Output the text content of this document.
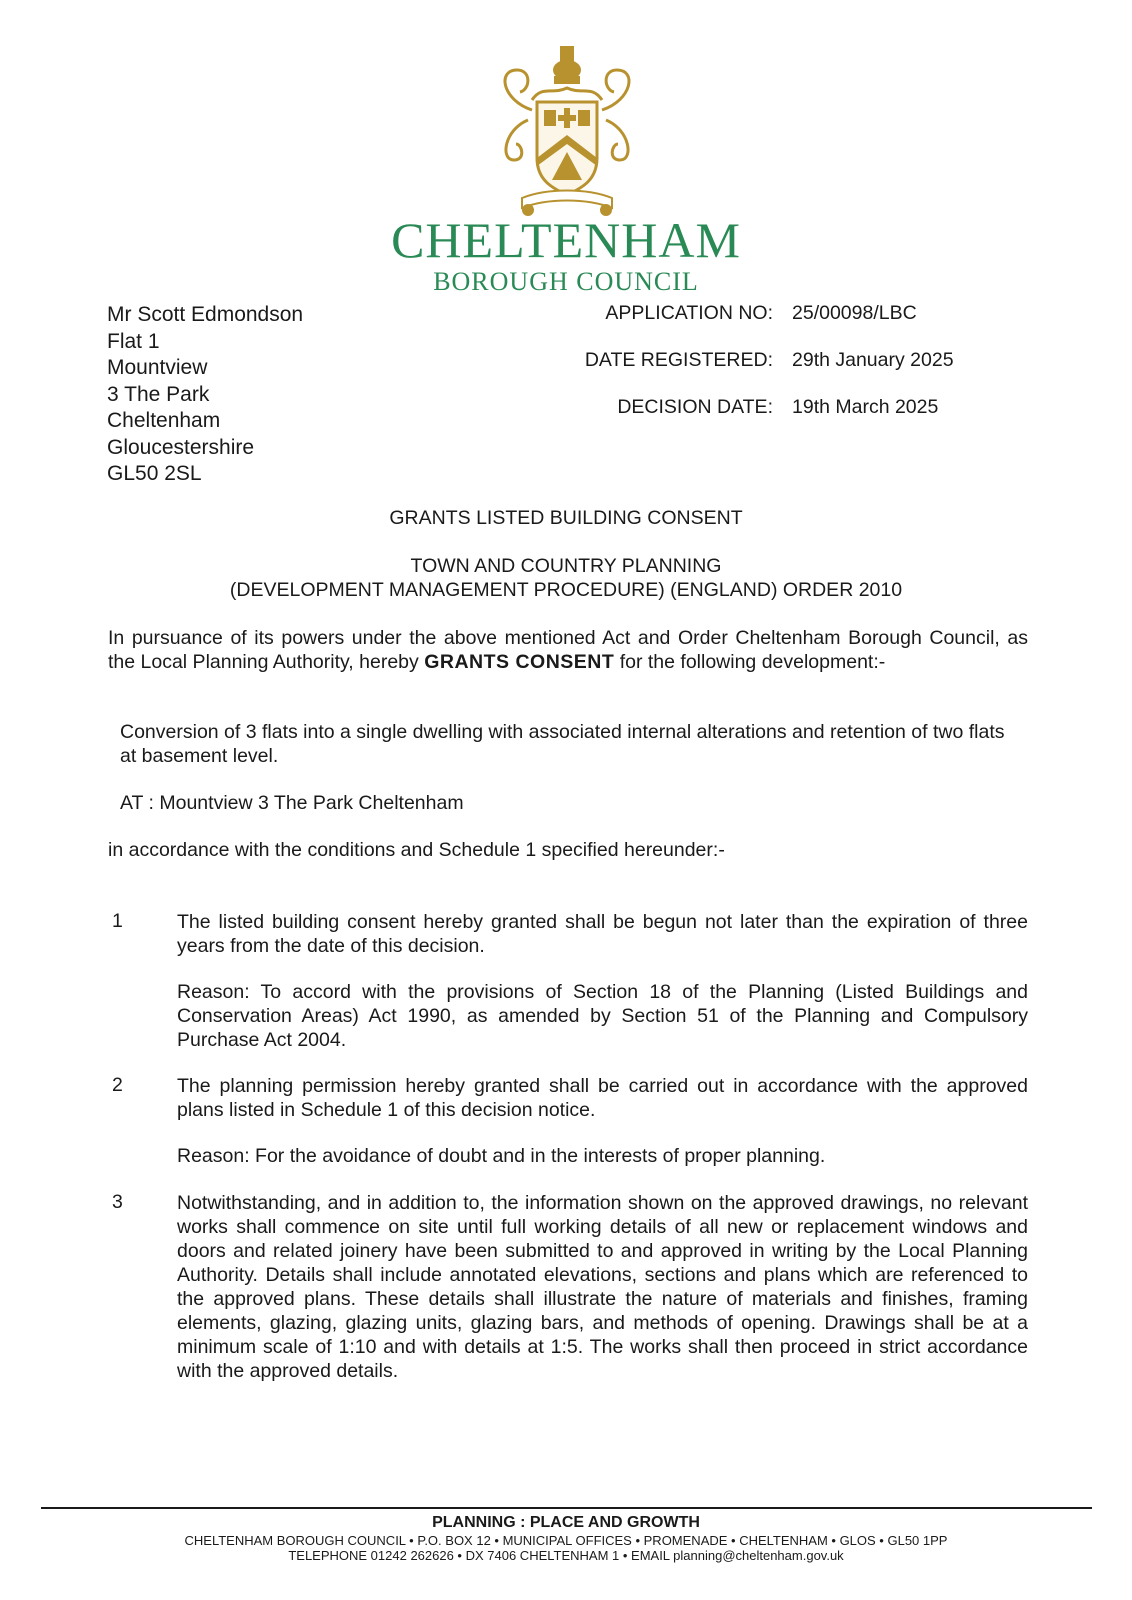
CHELTENHAM
BOROUGH COUNCIL
Mr Scott Edmondson
Flat 1
Mountview
3 The Park
Cheltenham
Gloucestershire
GL50 2SL
APPLICATION NO: 25/00098/LBC
DATE REGISTERED: 29th January 2025
DECISION DATE: 19th March 2025
GRANTS LISTED BUILDING CONSENT
TOWN AND COUNTRY PLANNING
(DEVELOPMENT MANAGEMENT PROCEDURE) (ENGLAND) ORDER 2010
In pursuance of its powers under the above mentioned Act and Order Cheltenham Borough Council, as the Local Planning Authority, hereby GRANTS CONSENT for the following development:-
Conversion of 3 flats into a single dwelling with associated internal alterations and retention of two flats at basement level.
AT : Mountview 3 The Park Cheltenham
in accordance with the conditions and Schedule 1 specified hereunder:-
1	The listed building consent hereby granted shall be begun not later than the expiration of three years from the date of this decision.
Reason: To accord with the provisions of Section 18 of the Planning (Listed Buildings and Conservation Areas) Act 1990, as amended by Section 51 of the Planning and Compulsory Purchase Act 2004.
2	The planning permission hereby granted shall be carried out in accordance with the approved plans listed in Schedule 1 of this decision notice.
Reason: For the avoidance of doubt and in the interests of proper planning.
3	Notwithstanding, and in addition to, the information shown on the approved drawings, no relevant works shall commence on site until full working details of all new or replacement windows and doors and related joinery have been submitted to and approved in writing by the Local Planning Authority. Details shall include annotated elevations, sections and plans which are referenced to the approved plans. These details shall illustrate the nature of materials and finishes, framing elements, glazing, glazing units, glazing bars, and methods of opening. Drawings shall be at a minimum scale of 1:10 and with details at 1:5. The works shall then proceed in strict accordance with the approved details.
PLANNING : PLACE AND GROWTH
CHELTENHAM BOROUGH COUNCIL • P.O. BOX 12 • MUNICIPAL OFFICES • PROMENADE • CHELTENHAM • GLOS • GL50 1PP
TELEPHONE 01242 262626 • DX 7406 CHELTENHAM 1 • EMAIL planning@cheltenham.gov.uk
